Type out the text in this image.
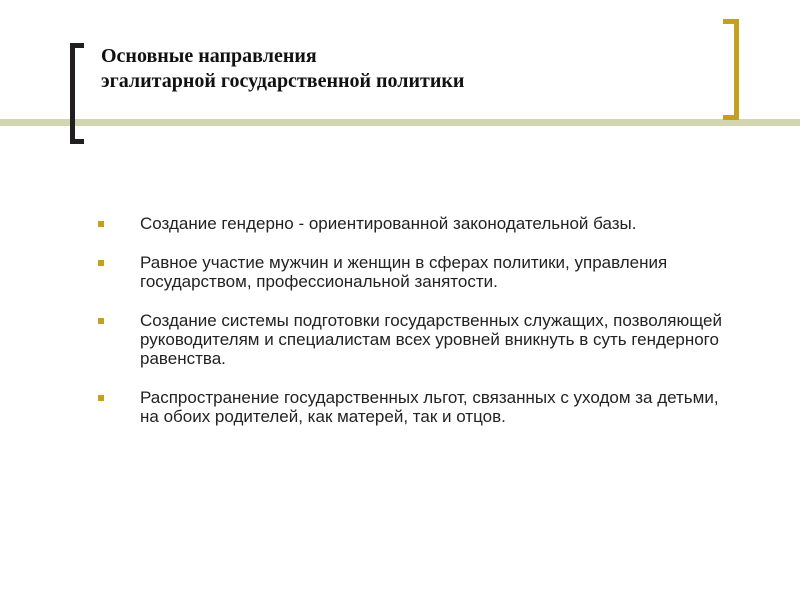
Основные направления
эгалитарной государственной политики
Создание гендерно - ориентированной законодательной базы.
Равное участие мужчин и женщин в сферах политики, управления государством, профессиональной занятости.
Создание системы подготовки государственных служащих, позволяющей руководителям и специалистам всех уровней вникнуть в суть гендерного равенства.
Распространение государственных льгот, связанных с уходом за детьми, на обоих родителей, как матерей, так и отцов.
